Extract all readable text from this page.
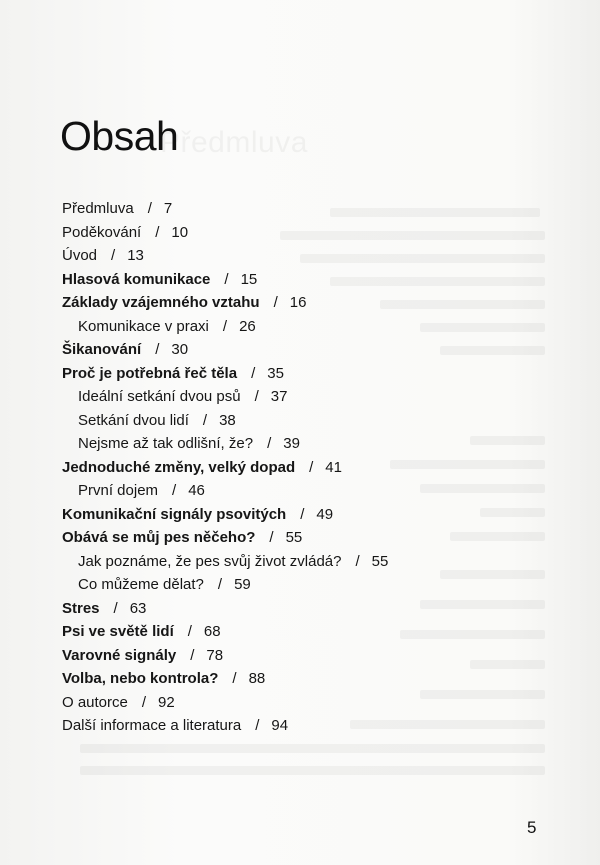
Obsah
Předmluva / 7
Poděkování / 10
Úvod / 13
Hlasová komunikace / 15
Základy vzájemného vztahu / 16
Komunikace v praxi / 26
Šikanování / 30
Proč je potřebná řeč těla / 35
Ideální setkání dvou psů / 37
Setkání dvou lidí / 38
Nejsme až tak odlišní, že? / 39
Jednoduché změny, velký dopad / 41
První dojem / 46
Komunikační signály psovitých / 49
Obává se můj pes něčeho? / 55
Jak poznáme, že pes svůj život zvládá? / 55
Co můžeme dělat? / 59
Stres / 63
Psi ve světě lidí / 68
Varovné signály / 78
Volba, nebo kontrola? / 88
O autorce / 92
Další informace a literatura / 94
5
